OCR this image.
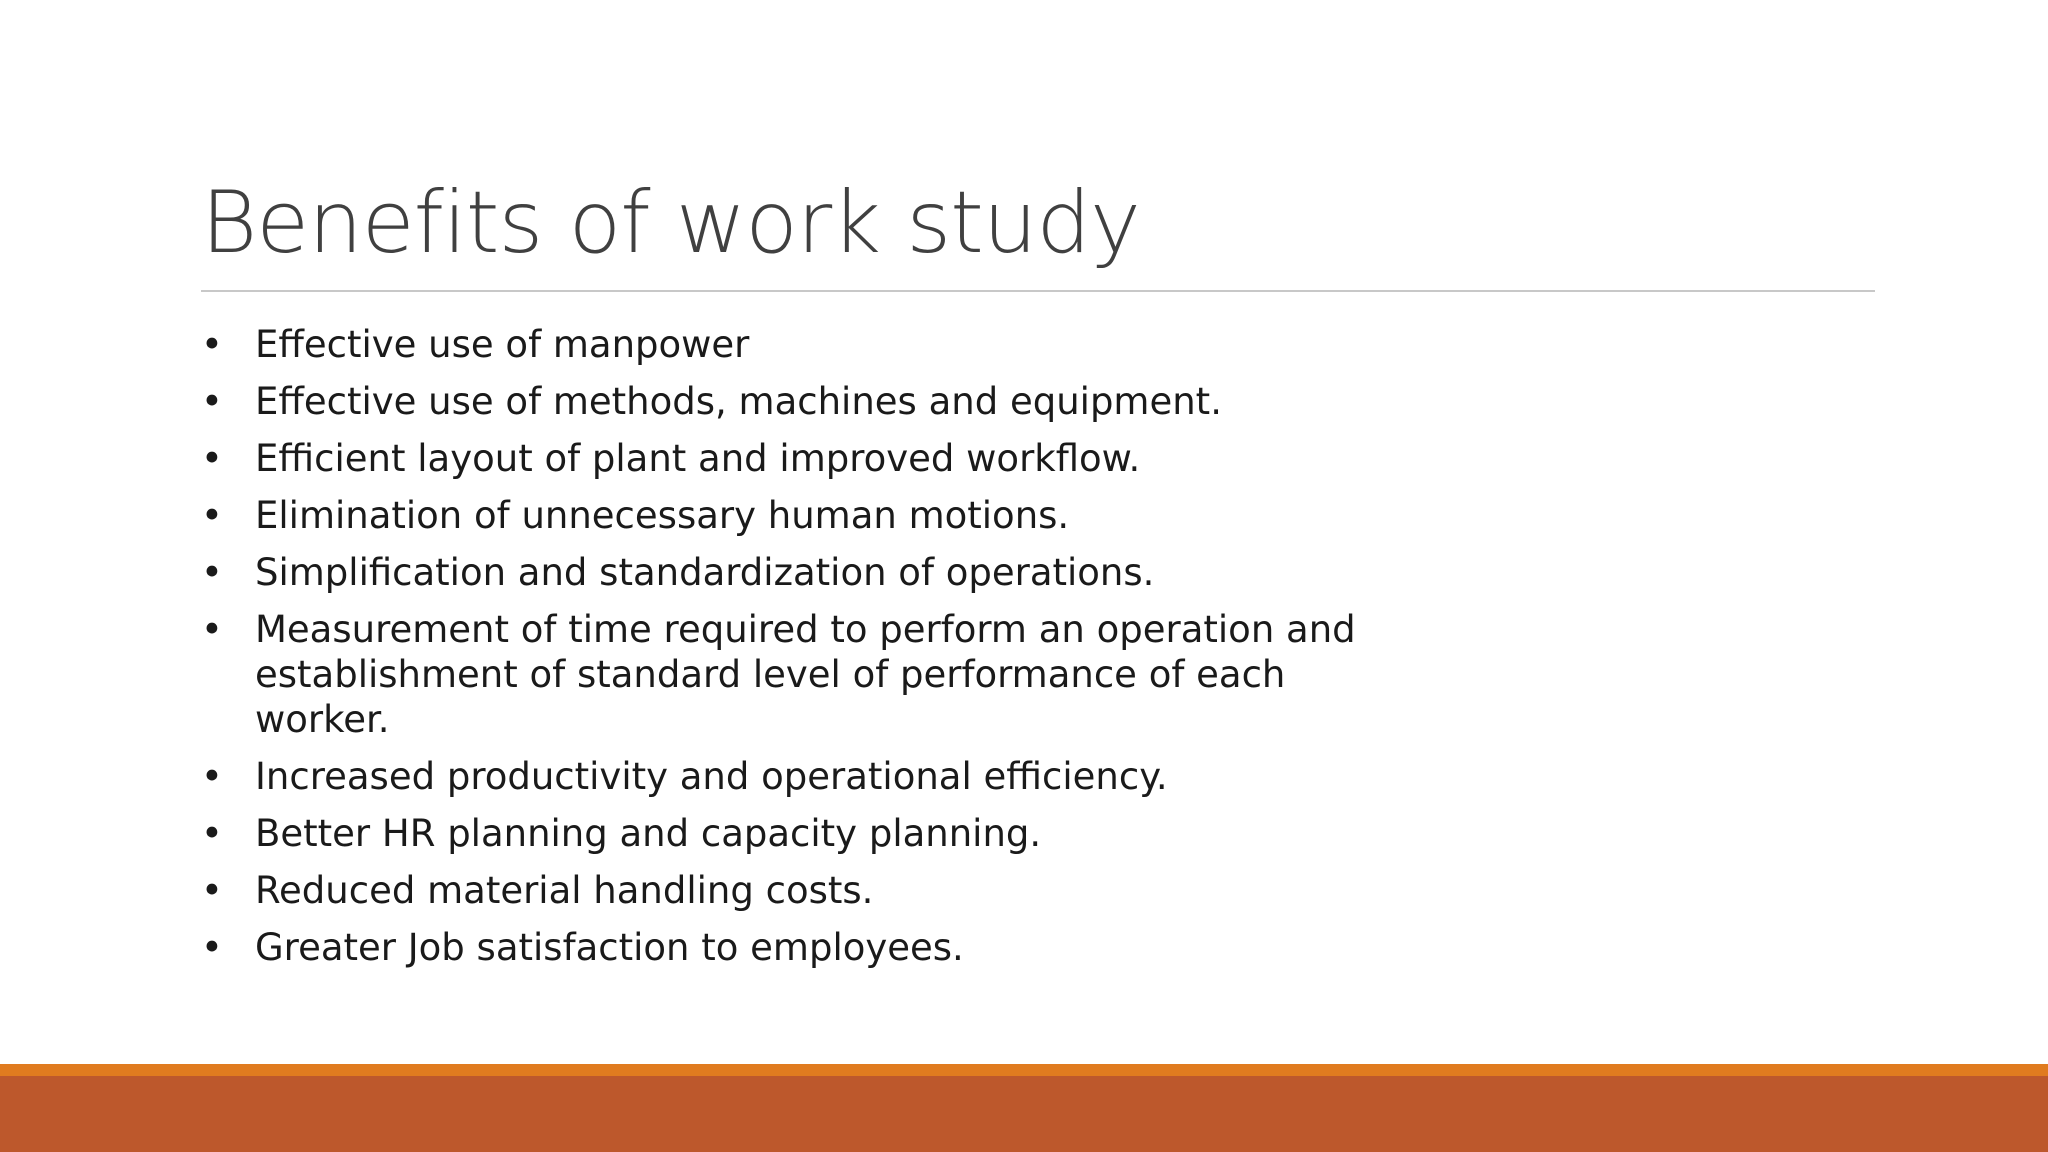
Benefits of work study
• Effective use of manpower
• Effective use of methods, machines and equipment.
• Efficient layout of plant and improved workflow.
• Elimination of unnecessary human motions.
• Simplification and standardization of operations.
• Measurement of time required to perform an operation and establishment of standard level of performance of each worker.
• Increased productivity and operational efficiency.
• Better HR planning and capacity planning.
• Reduced material handling costs.
• Greater Job satisfaction to employees.
